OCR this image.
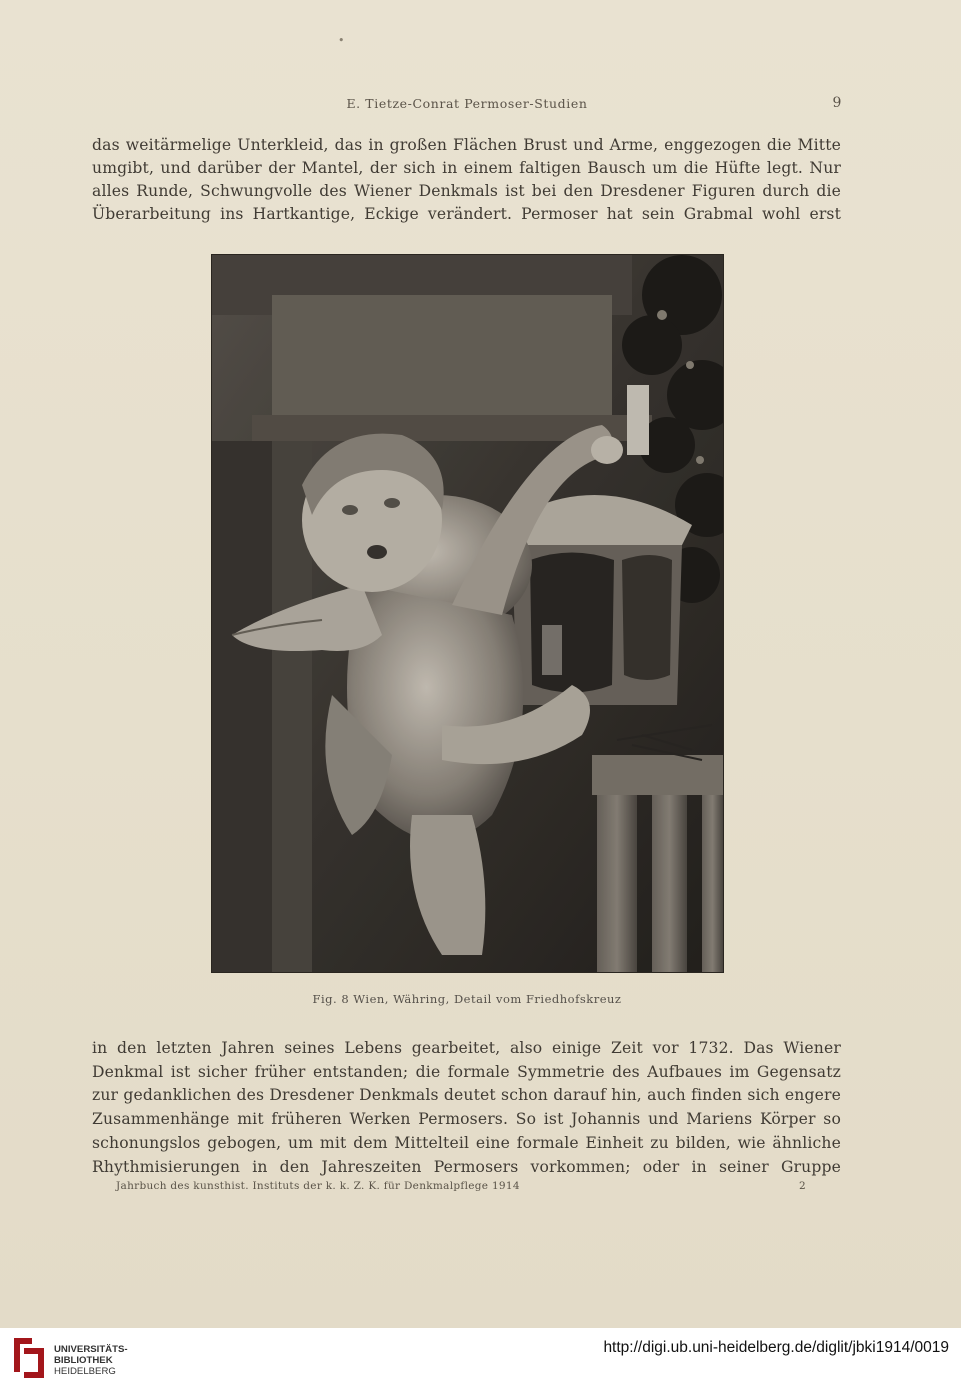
•
E. Tietze-Conrat Permoser-Studien	9
das weitärmelige Unterkleid, das in großen Flächen Brust und Arme, enggezogen die Mitte
umgibt, und darüber der Mantel, der sich in einem faltigen Bausch um die Hüfte legt. Nur
alles Runde, Schwungvolle des Wiener Denkmals ist bei den Dresdener Figuren durch die
Überarbeitung ins Hartkantige, Eckige verändert. Permoser hat sein Grabmal wohl erst
Fig. 8 Wien, Währing, Detail vom Friedhofskreuz
in den letzten Jahren seines Lebens gearbeitet, also einige Zeit vor 1732. Das Wiener
Denkmal ist sicher früher entstanden; die formale Symmetrie des Aufbaues im Gegensatz
zur gedanklichen des Dresdener Denkmals deutet schon darauf hin, auch finden sich engere
Zusammenhänge mit früheren Werken Permosers. So ist Johannis und Mariens Körper so
schonungslos gebogen, um mit dem Mittelteil eine formale Einheit zu bilden, wie ähnliche
Rhythmisierungen in den Jahreszeiten Permosers vorkommen; oder in seiner Gruppe
Jahrbuch des kunsthist. Instituts der k. k. Z. K. für Denkmalpflege 1914	2
UNIVERSITÄTS-
BIBLIOTHEK
HEIDELBERG
http://digi.ub.uni-heidelberg.de/diglit/jbki1914/0019
